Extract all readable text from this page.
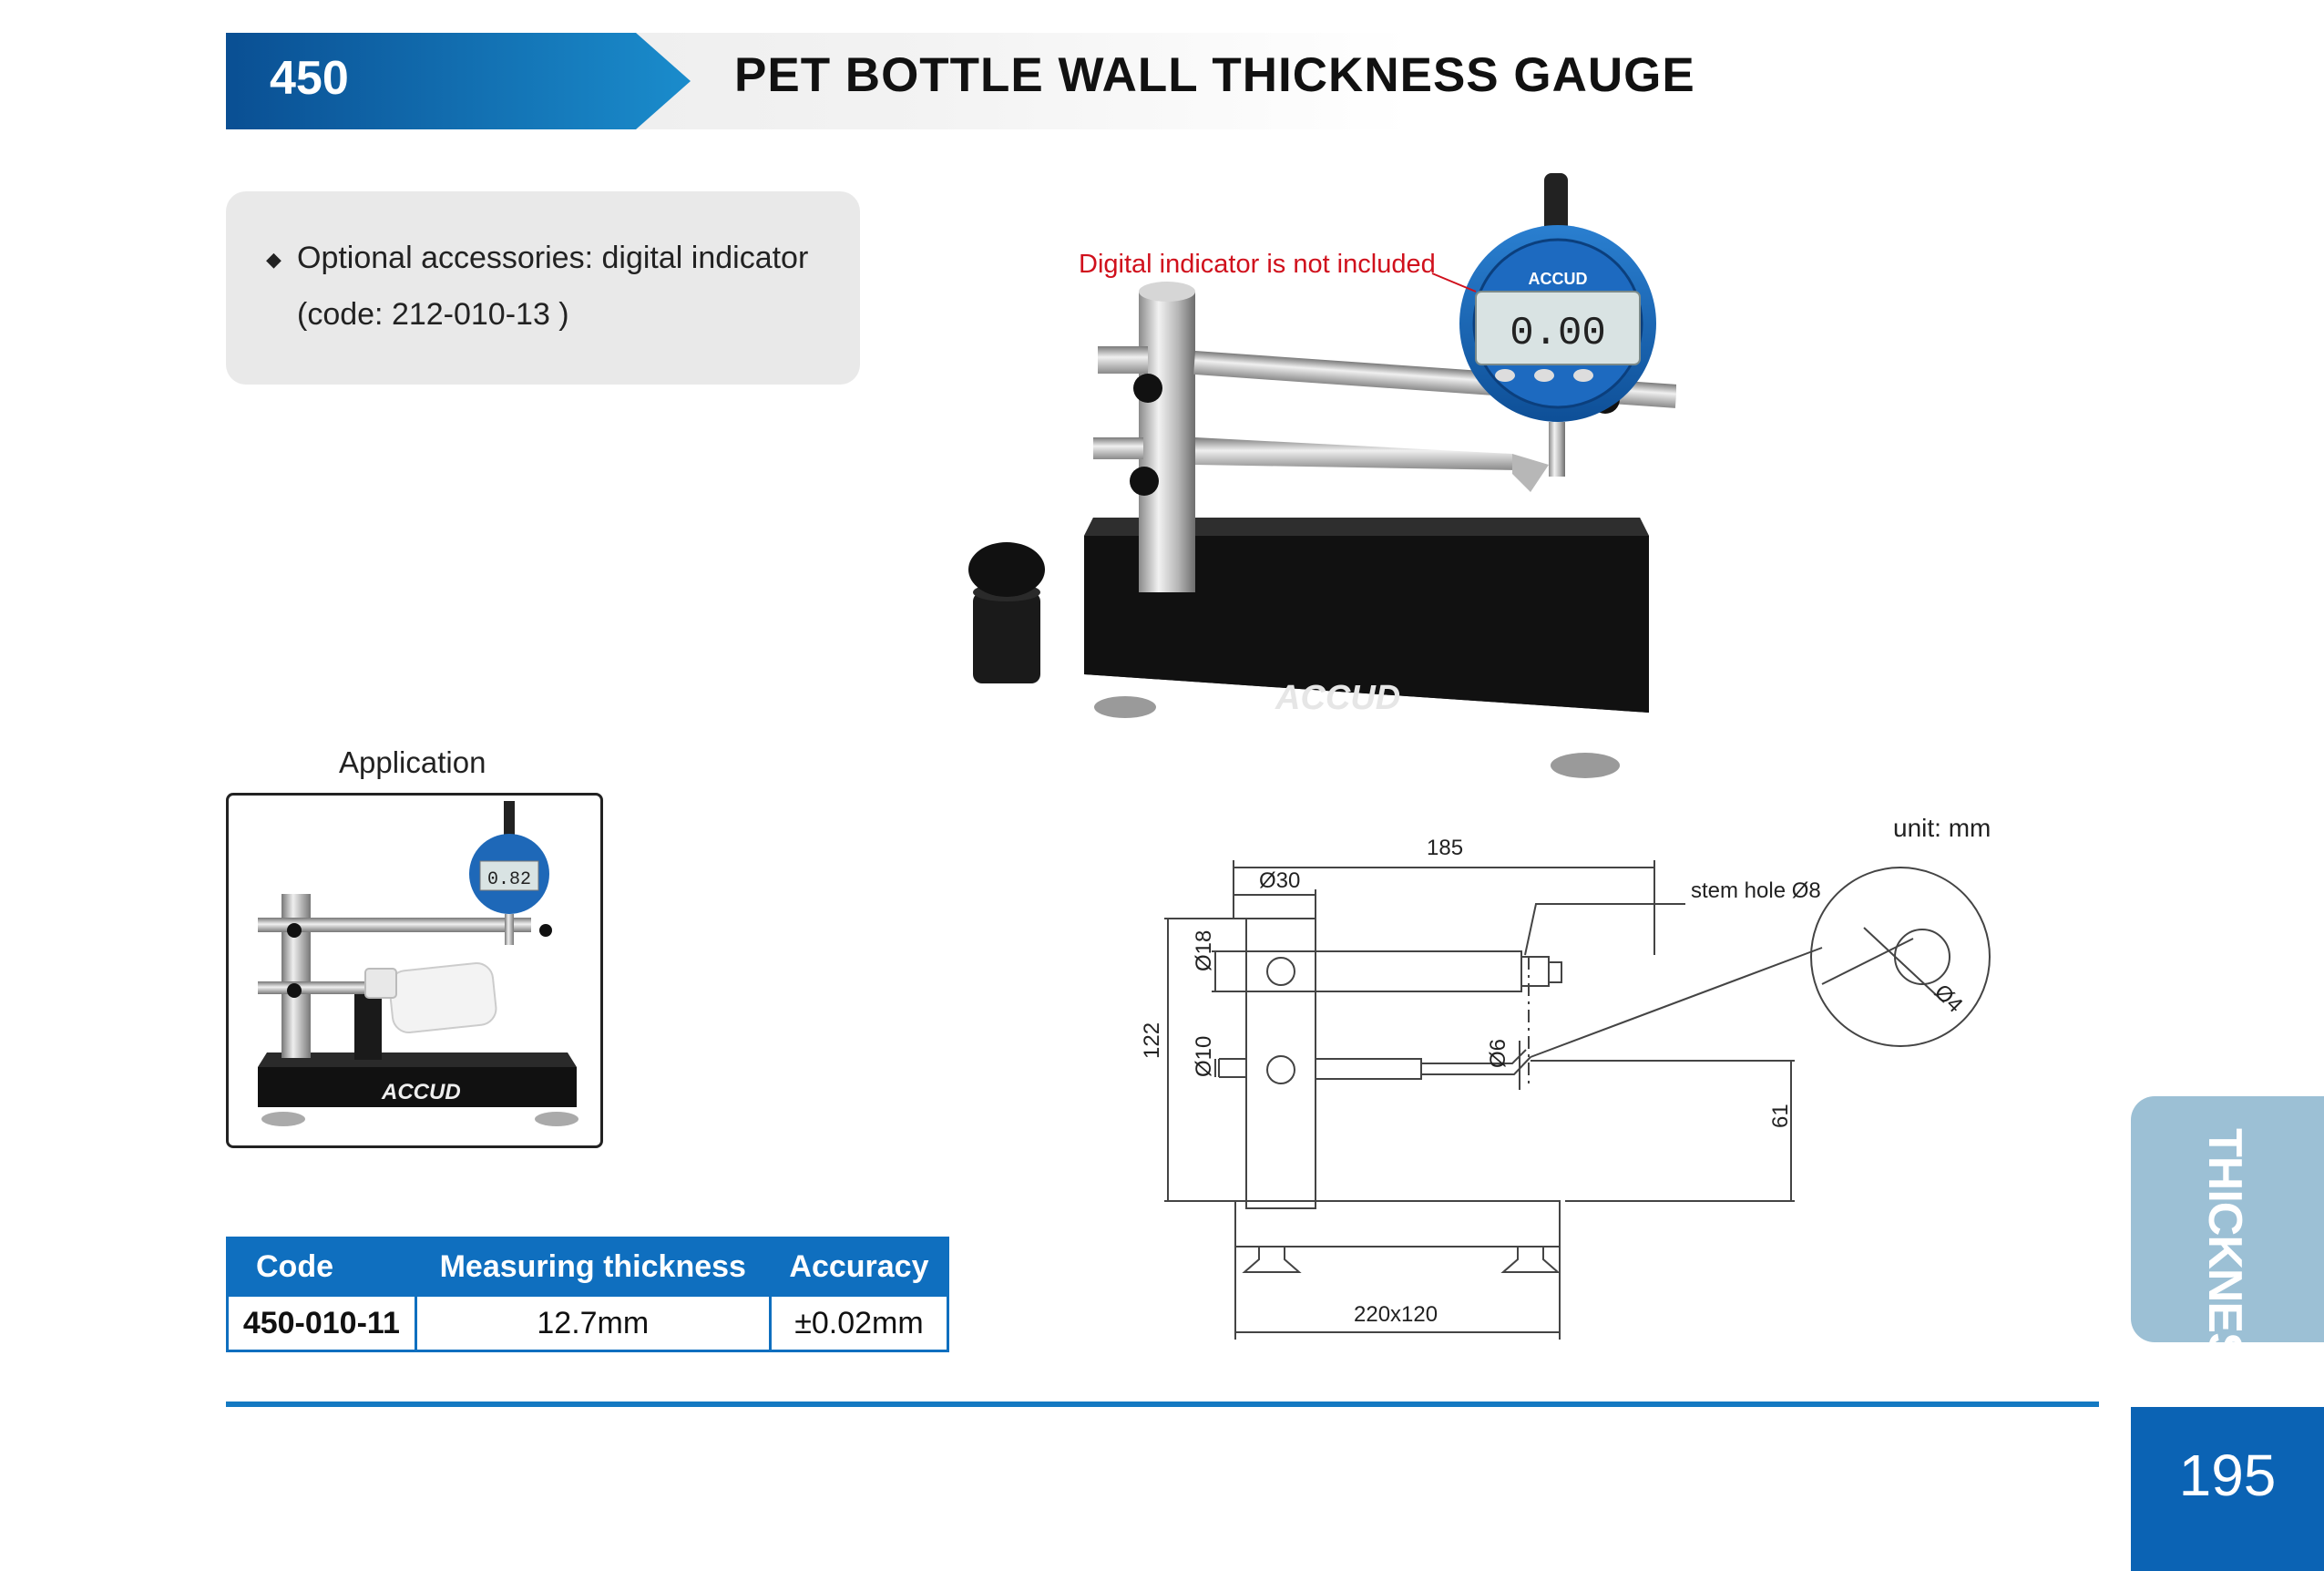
450	PET BOTTLE WALL THICKNESS GAUGE
◆ Optional accessories: digital indicator
(code: 212-010-13 )
ACCUD
0.00
ACCUD
Digital indicator is not included
Application
ACCUD
0.82
Code	Measuring thickness	Accuracy
450-010-11	12.7mm	±0.02mm
unit: mm
185
Ø30	stem hole Ø8
Ø18
122 Ø10	Ø6
61
220x120
Ø4
THICKNESS
195
